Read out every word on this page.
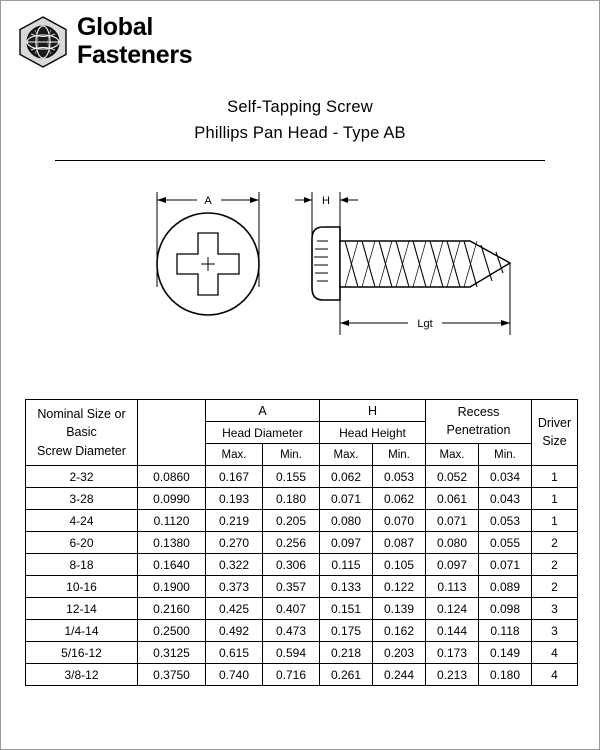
Global
Fasteners
Self-Tapping Screw
Phillips Pan Head - Type AB
A	H
Lgt
Nominal Size or Basic
Screw Diameter
		A	H	Recess
Penetration	Driver
Size

		Head Diameter		Head Height				
		Max.	Min.	Max.	Min.	Max.	Min.	
2-32	0.0860	0.167	0.155	0.062	0.053	0.052	0.034	1
3-28	0.0990	0.193	0.180	0.071	0.062	0.061	0.043	1
4-24	0.1120	0.219	0.205	0.080	0.070	0.071	0.053	1
6-20	0.1380	0.270	0.256	0.097	0.087	0.080	0.055	2
8-18	0.1640	0.322	0.306	0.115	0.105	0.097	0.071	2
10-16	0.1900	0.373	0.357	0.133	0.122	0.113	0.089	2
12-14	0.2160	0.425	0.407	0.151	0.139	0.124	0.098	3
1/4-14	0.2500	0.492	0.473	0.175	0.162	0.144	0.118	3
5/16-12	0.3125	0.615	0.594	0.218	0.203	0.173	0.149	4
3/8-12	0.3750	0.740	0.716	0.261	0.244	0.213	0.180	4
